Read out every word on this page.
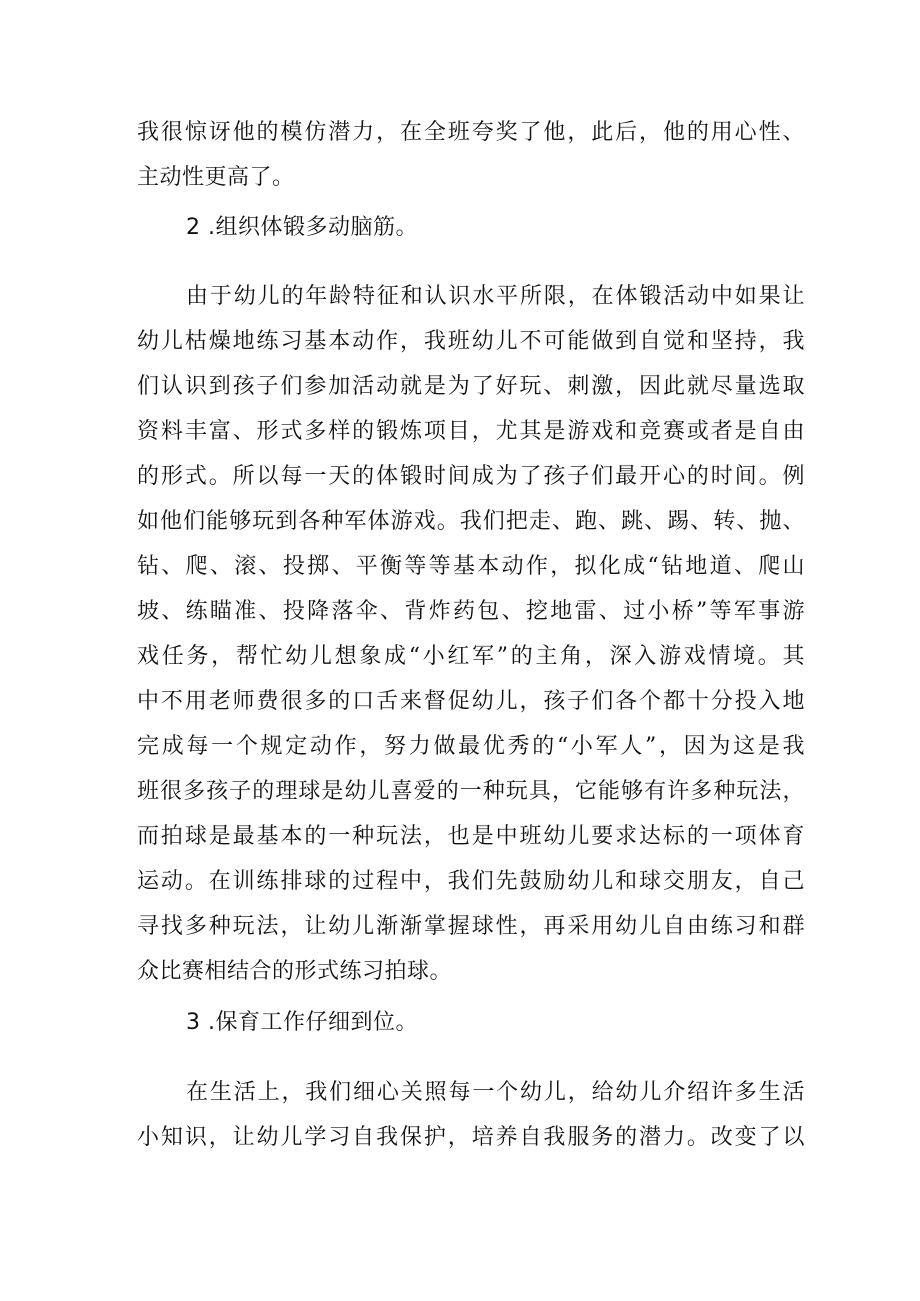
我很惊讶他的模仿潜力，在全班夸奖了他，此后，他的用心性、
主动性更高了。
2 .组织体锻多动脑筋。
由于幼儿的年龄特征和认识水平所限，在体锻活动中如果让
幼儿枯燥地练习基本动作，我班幼儿不可能做到自觉和坚持，我
们认识到孩子们参加活动就是为了好玩、刺激，因此就尽量选取
资料丰富、形式多样的锻炼项目，尤其是游戏和竞赛或者是自由
的形式。所以每一天的体锻时间成为了孩子们最开心的时间。例
如他们能够玩到各种军体游戏。我们把走、跑、跳、踢、转、抛、
钻、爬、滚、投掷、平衡等等基本动作，拟化成“钻地道、爬山
坡、练瞄准、投降落伞、背炸药包、挖地雷、过小桥”等军事游
戏任务，帮忙幼儿想象成“小红军”的主角，深入游戏情境。其
中不用老师费很多的口舌来督促幼儿，孩子们各个都十分投入地
完成每一个规定动作，努力做最优秀的“小军人”，因为这是我
班很多孩子的理球是幼儿喜爱的一种玩具，它能够有许多种玩法，
而拍球是最基本的一种玩法，也是中班幼儿要求达标的一项体育
运动。在训练排球的过程中，我们先鼓励幼儿和球交朋友，自己
寻找多种玩法，让幼儿渐渐掌握球性，再采用幼儿自由练习和群
众比赛相结合的形式练习拍球。
3 .保育工作仔细到位。
在生活上，我们细心关照每一个幼儿，给幼儿介绍许多生活
小知识，让幼儿学习自我保护，培养自我服务的潜力。改变了以
